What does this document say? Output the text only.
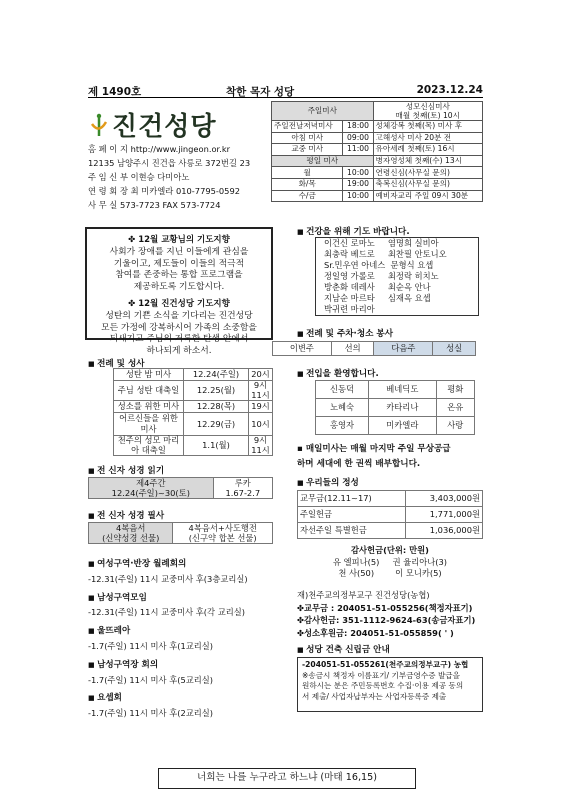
제 1490호	착한 목자 성당	2023.12.24
진건성당
홈 페 이 지 http://www.jingeon.or.kr
12135 남양주시 진건읍 사릉로 372번길 23
주 임 신 부 이현승 다미아노
연 령 회 장 최 미카엘라 010-7795-0592
사 무 실 573-7723 FAX 573-7724
주일미사		성모신심미사
매월 첫째(토) 10시

주일전날저녁미사	18:00	성체강복 첫째(목) 미사 후
아침 미사	09:00	고해성사 미사 20분 전
교중 미사	11:00	유아세례 첫째(토) 16시
평일 미사		병자영성체 첫째(수) 13시
월	10:00	연령신심(사무실 문의)
화/목	19:00	축복신심(사무실 문의)
수/금	10:00	예비자교리 주일 09시 30분
✤ 12월 교황님의 기도지향
사회가 장애를 지닌 이들에게 관심을
기울이고, 제도들이 이들의 적극적
참여를 존중하는 통합 프로그램을
제공하도록 기도합시다.
✤ 12월 진건성당 기도지향
성탄의 기쁜 소식을 기다리는 진건성당
모든 가정에 강복하시어 가족의 소중함을
되새기고 주님의 거룩한 탄생 안에서
하나되게 하소서.
■ 전례 및 성사
성탄 밤 미사	12.24(주일)	20시
주님 성탄 대축일	12.25(월)	9시
11시
성소를 위한 미사	12.28(목)	19시
어르신들을 위한 미사	12.29(금)	10시
천주의 성모 마리아 대축일	1.1(월)	9시
11시
■ 전 신자 성경 읽기
제4주간
12.24(주일)~30(토)

루카
1.67-2.7
■ 전 신자 성경 필사
4복음서
(신약성경 선물)

4복음서+사도행전
(신구약 합본 선물)
■ 여성구역·반장 월례회의
-12.31(주일) 11시 교중미사 후(3층교리실)
■ 남성구역모임
-12.31(주일) 11시 교중미사 후(각 교리실)
■ 울뜨레아
-1.7(주일) 11시 미사 후(1교리실)
■ 남성구역장 회의
-1.7(주일) 11시 미사 후(5교리실)
■ 요셉회
-1.7(주일) 11시 미사 후(2교리실)
■ 건강을 위해 기도 바랍니다.
이건신 로마노     염명희 실비아
최충락 베드로     최찬필 안토니오
Sr.민우연 아네스  문형식 요셉
정일영 가롤로     최정락 히치노
방춘화 데레사     최순옥 안나
지남순 마르타     심재옥 요셉
박귀련 마리아
■ 전례 및 주차·청소 봉사
이변주	선의	다음주	성실
■ 전입을 환영합니다.
신동덕	베네딕도	평화
노혜숙	카타리나	온유
홍영자	미카엘라	사랑
▪ 매일미사는 매월 마지막 주일 무상공급
하며 세대에 한 권씩 배부합니다.
■ 우리들의 정성
교무금(12.11~17)	3,403,000원
주일헌금	1,771,000원
자선주일 특별헌금	1,036,000원
감사헌금(단위: 만원)
유 엘피나(5)     권 율리아나(3)
천 사(50)        이 모니카(5)
재)천주교의정부교구 진건성당(농협)
✤교무금 : 204051-51-055256(책정자표기)
✤감사헌금: 351-1112-9624-63(송금자표기)
✤성소후원금: 204051-51-055859( ' )
■ 성당 건축 신립금 안내
-204051-51-055261(천주교의정부교구) 농협
※송금시 책정자 이름표기/ 기부금영수증 발급을
원하시는 분은 주민등록번호 수집·이용 제공 동의
서 제출/ 사업자납부자는 사업자등록증 제출
너희는 나를 누구라고 하느냐 (마태 16,15)
